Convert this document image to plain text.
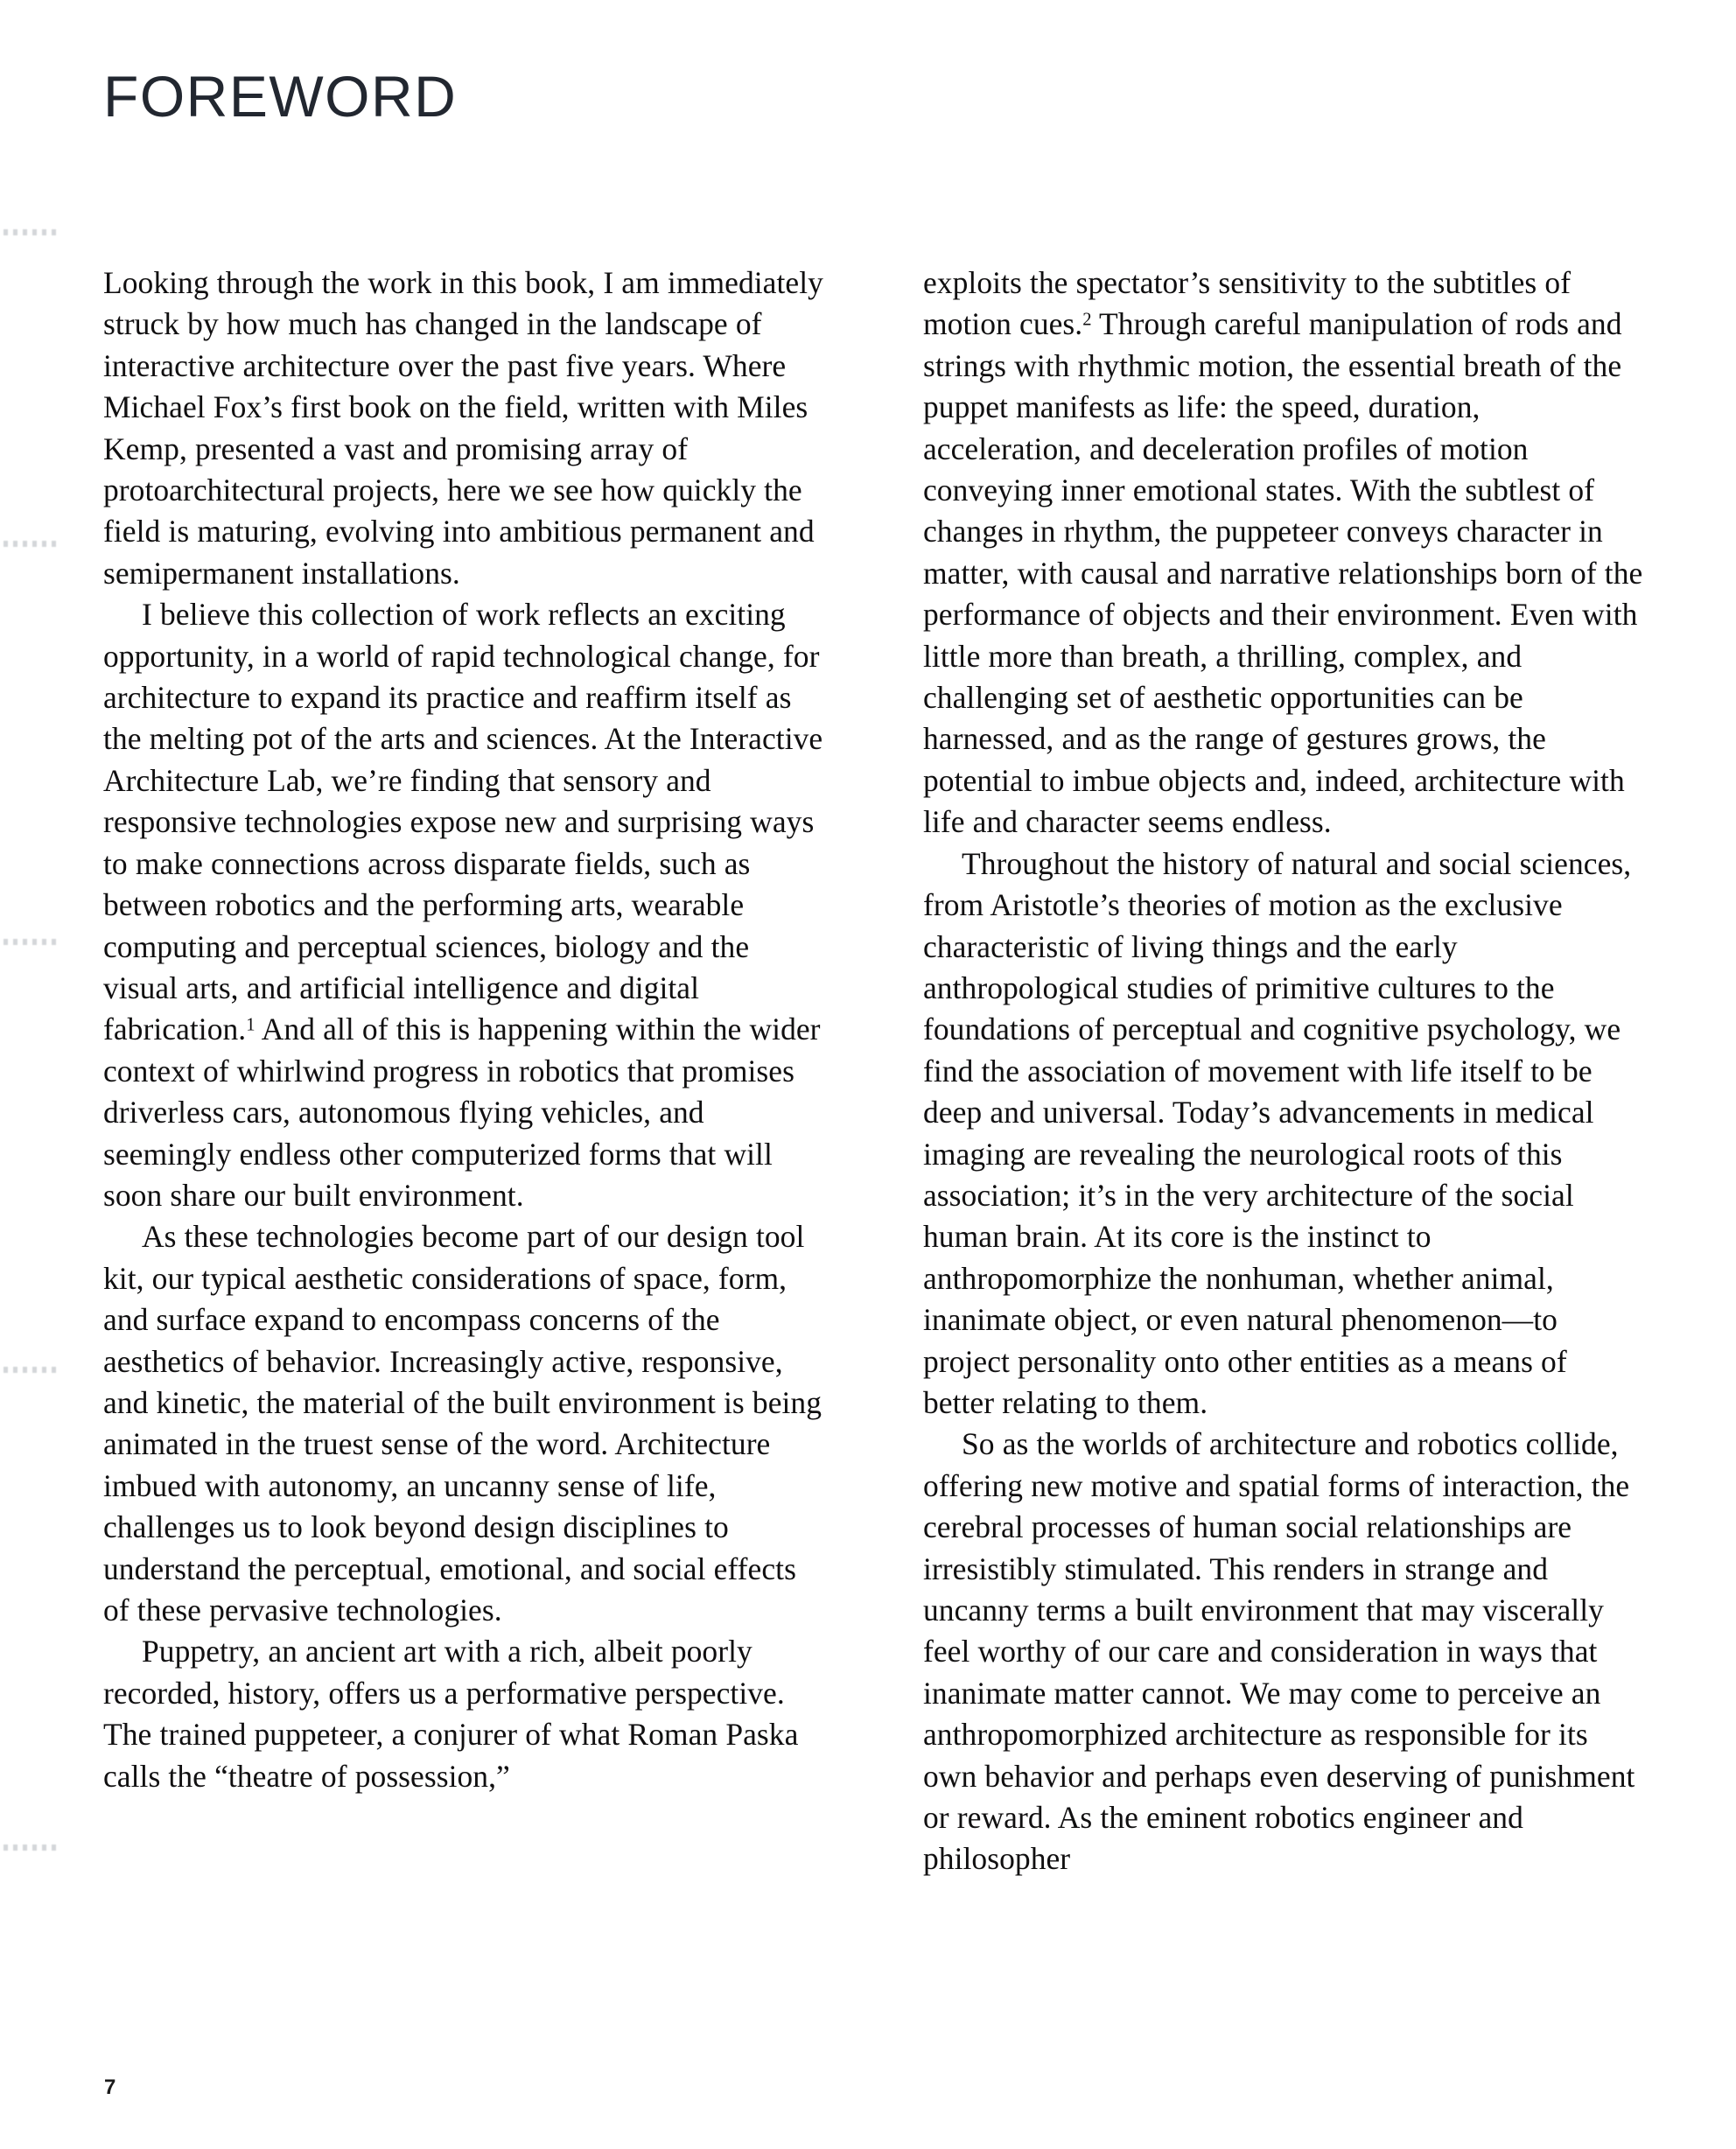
FOREWORD

Looking through the work in this book, I am immediately struck by how much has changed in the landscape of interactive architecture over the past five years. Where Michael Fox’s first book on the field, written with Miles Kemp, presented a vast and promising array of protoarchitectural projects, here we see how quickly the field is maturing, evolving into ambitious permanent and semipermanent installations.

I believe this collection of work reflects an exciting opportunity, in a world of rapid technological change, for architecture to expand its practice and reaffirm itself as the melting pot of the arts and sciences. At the Interactive Architecture Lab, we’re finding that sensory and responsive technologies expose new and surprising ways to make connections across disparate fields, such as between robotics and the performing arts, wearable computing and perceptual sciences, biology and the visual arts, and artificial intelligence and digital fabrication.$^1$ And all of this is happening within the wider context of whirlwind progress in robotics that promises driverless cars, autonomous flying vehicles, and seemingly endless other computerized forms that will soon share our built environment.

As these technologies become part of our design tool kit, our typical aesthetic considerations of space, form, and surface expand to encompass concerns of the aesthetics of behavior. Increasingly active, responsive, and kinetic, the material of the built environment is being animated in the truest sense of the word. Architecture imbued with autonomy, an uncanny sense of life, challenges us to look beyond design disciplines to understand the perceptual, emotional, and social effects of these pervasive technologies.

Puppetry, an ancient art with a rich, albeit poorly recorded, history, offers us a performative perspective. The trained puppeteer, a conjurer of what Roman Paska calls the “theatre of possession,”

exploits the spectator’s sensitivity to the subtitles of motion cues.$^2$ Through careful manipulation of rods and strings with rhythmic motion, the essential breath of the puppet manifests as life: the speed, duration, acceleration, and deceleration profiles of motion conveying inner emotional states. With the subtlest of changes in rhythm, the puppeteer conveys character in matter, with causal and narrative relationships born of the performance of objects and their environment. Even with little more than breath, a thrilling, complex, and challenging set of aesthetic opportunities can be harnessed, and as the range of gestures grows, the potential to imbue objects and, indeed, architecture with life and character seems endless.

Throughout the history of natural and social sciences, from Aristotle’s theories of motion as the exclusive characteristic of living things and the early anthropological studies of primitive cultures to the foundations of perceptual and cognitive psychology, we find the association of movement with life itself to be deep and universal. Today’s advancements in medical imaging are revealing the neurological roots of this association; it’s in the very architecture of the social human brain. At its core is the instinct to anthropomorphize the nonhuman, whether animal, inanimate object, or even natural phenomenon—to project personality onto other entities as a means of better relating to them.

So as the worlds of architecture and robotics collide, offering new motive and spatial forms of interaction, the cerebral processes of human social relationships are irresistibly stimulated. This renders in strange and uncanny terms a built environment that may viscerally feel worthy of our care and consideration in ways that inanimate matter cannot. We may come to perceive an anthropomorphized architecture as responsible for its own behavior and perhaps even deserving of punishment or reward. As the eminent robotics engineer and philosopher

7
